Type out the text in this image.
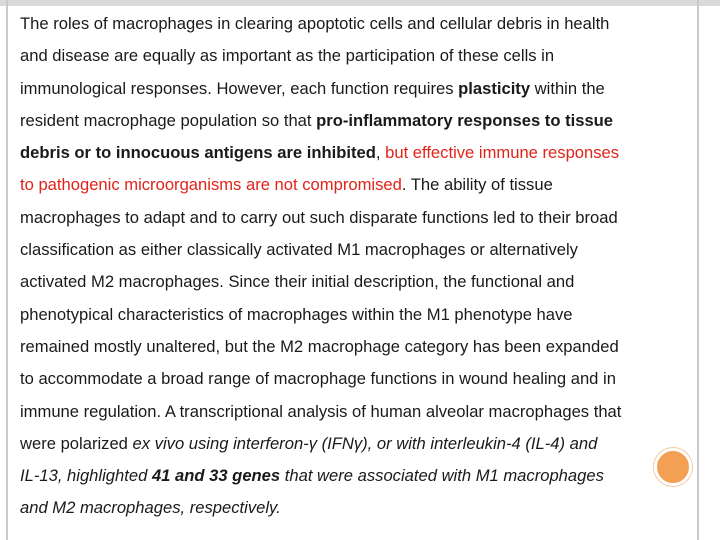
The roles of macrophages in clearing apoptotic cells and cellular debris in health
and disease are equally as important as the participation of these cells in
immunological responses. However, each function requires plasticity within the
resident macrophage population so that pro-inflammatory responses to tissue
debris or to innocuous antigens are inhibited, but effective immune responses
to pathogenic microorganisms are not compromised. The ability of tissue
macrophages to adapt and to carry out such disparate functions led to their broad
classification as either classically activated M1 macrophages or alternatively
activated M2 macrophages. Since their initial description, the functional and
phenotypical characteristics of macrophages within the M1 phenotype have
remained mostly unaltered, but the M2 macrophage category has been expanded
to accommodate a broad range of macrophage functions in wound healing and in
immune regulation. A transcriptional analysis of human alveolar macrophages that
were polarized ex vivo using interferon‑γ (IFNγ), or with interleukin‑4 (IL‑4) and
IL‑13, highlighted 41 and 33 genes that were associated with M1 macrophages
and M2 macrophages, respectively.
